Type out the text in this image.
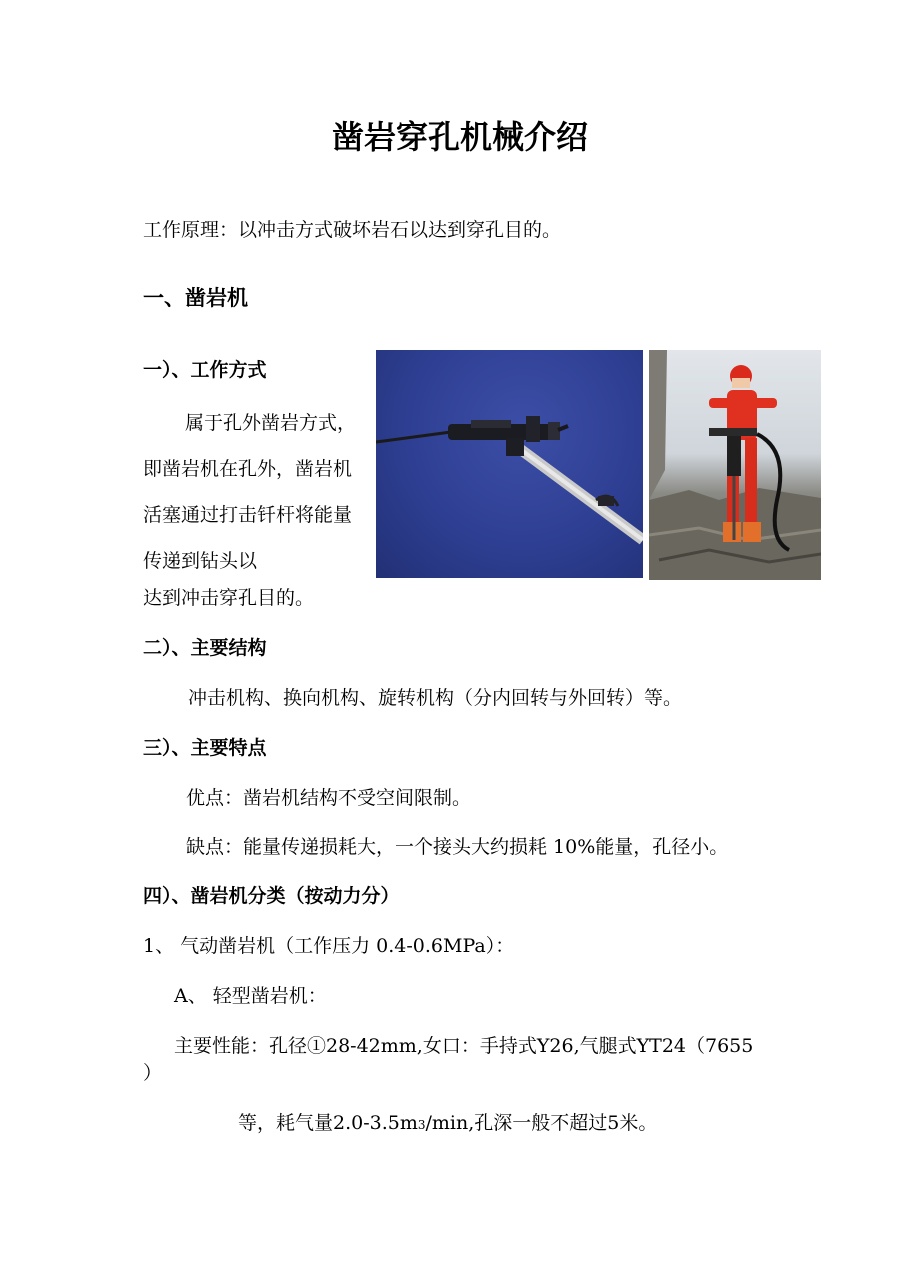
凿岩穿孔机械介绍
工作原理：以冲击方式破坏岩石以达到穿孔目的。
一、凿岩机
一）、工作方式

属于孔外凿岩方式，即凿岩机在孔外，凿岩机活塞通过打击钎杆将能量传递到钻头以

达到冲击穿孔目的。
二）、主要结构
冲击机构、换向机构、旋转机构（分内回转与外回转）等。
三）、主要特点
优点：凿岩机结构不受空间限制。
缺点：能量传递损耗大，一个接头大约损耗 10%能量，孔径小。
四）、凿岩机分类（按动力分）
1、 气动凿岩机（工作压力 0.4-0.6MPa）：
A、 轻型凿岩机：
主要性能：孔径①28-42mm,女口：手持式Y26,气腿式YT24（7655
）
等，耗气量2.0-3.5m3/min,孔深一般不超过5米。
